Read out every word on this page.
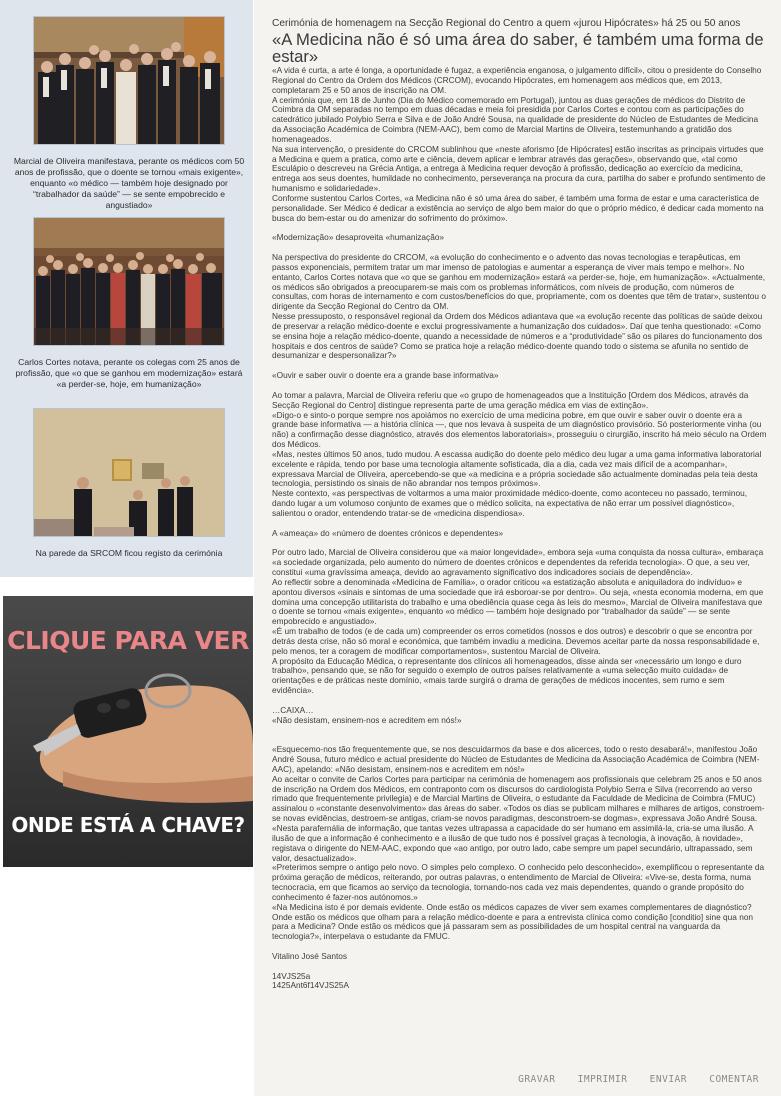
Marcial de Oliveira manifestava, perante os médicos com 50 anos de profissão, que o doente se tornou «mais exigente», enquanto «o médico — também hoje designado por “trabalhador da saúde” — se sente empobrecido e angustiado»
Carlos Cortes notava, perante os colegas com 25 anos de profissão, que «o que se ganhou em modernização» estará «a perder-se, hoje, em humanização»
Na parede da SRCOM ficou registo da cerimónia
CLIQUE PARA VER
ONDE ESTÁ A CHAVE?
Cerimónia de homenagem na Secção Regional do Centro a quem «jurou Hipócrates» há 25 ou 50 anos
«A Medicina não é só uma área do saber, é também uma forma de estar»

«A vida é curta, a arte é longa, a oportunidade é fugaz, a experiência enganosa, o julgamento difícil», citou o presidente do Conselho Regional do Centro da Ordem dos Médicos (CRCOM), evocando Hipócrates, em homenagem aos médicos que, em 2013, completaram 25 e 50 anos de inscrição na OM.

A cerimónia que, em 18 de Junho (Dia do Médico comemorado em Portugal), juntou as duas gerações de médicos do Distrito de Coimbra da OM separadas no tempo em duas décadas e meia foi presidida por Carlos Cortes e contou com as participações do catedrático jubilado Polybio Serra e Silva e de João André Sousa, na qualidade de presidente do Núcleo de Estudantes de Medicina da Associação Académica de Coimbra (NEM-AAC), bem como de Marcial Martins de Oliveira, testemunhando a gratidão dos homenageados.

Na sua intervenção, o presidente do CRCOM sublinhou que «neste aforismo [de Hipócrates] estão inscritas as principais virtudes que a Medicina e quem a pratica, como arte e ciência, devem aplicar e lembrar através das gerações», observando que, «tal como Esculápio o descreveu na Grécia Antiga, a entrega à Medicina requer devoção à profissão, dedicação ao exercício da medicina, entrega aos seus doentes, humildade no conhecimento, perseverança na procura da cura, partilha do saber e profundo sentimento de humanismo e solidariedade».

Conforme sustentou Carlos Cortes, «a Medicina não é só uma área do saber, é também uma forma de estar e uma característica de personalidade. Ser Médico é dedicar a existência ao serviço de algo bem maior do que o próprio médico, é dedicar cada momento na busca do bem-estar ou do amenizar do sofrimento do próximo».

«Modernização» desaproveita «humanização»

Na perspectiva do presidente do CRCOM, «a evolução do conhecimento e o advento das novas tecnologias e terapêuticas, em passos exponenciais, permitem tratar um mar imenso de patologias e aumentar a esperança de viver mais tempo e melhor». No entanto, Carlos Cortes notava que «o que se ganhou em modernização» estará «a perder-se, hoje, em humanização». «Actualmente, os médicos são obrigados a preocuparem-se mais com os problemas informáticos, com níveis de produção, com números de consultas, com horas de internamento e com custos/benefícios do que, propriamente, com os doentes que têm de tratar», sustentou o dirigente da Secção Regional do Centro da OM.

Nesse pressuposto, o responsável regional da Ordem dos Médicos adiantava que «a evolução recente das políticas de saúde deixou de preservar a relação médico-doente e exclui progressivamente a humanização dos cuidados». Daí que tenha questionado: «Como se ensina hoje a relação médico-doente, quando a necessidade de números e a “produtividade” são os pilares do funcionamento dos hospitais e dos centros de saúde? Como se pratica hoje a relação médico-doente quando todo o sistema se afunila no sentido de desumanizar e despersonalizar?»

«Ouvir e saber ouvir o doente era a grande base informativa»

Ao tomar a palavra, Marcial de Oliveira referiu que «o grupo de homenageados que a Instituição [Ordem dos Médicos, através da Secção Regional do Centro] distingue representa parte de uma geração médica em vias de extinção».

«Digo-o e sinto-o porque sempre nos apoiámos no exercício de uma medicina pobre, em que ouvir e saber ouvir o doente era a grande base informativa — a história clínica —, que nos levava à suspeita de um diagnóstico provisório. Só posteriormente vinha (ou não) a confirmação desse diagnóstico, através dos elementos laboratoriais», prosseguiu o cirurgião, inscrito há meio século na Ordem dos Médicos.

«Mas, nestes últimos 50 anos, tudo mudou. A escassa audição do doente pelo médico deu lugar a uma gama informativa laboratorial excelente e rápida, tendo por base uma tecnologia altamente sofisticada, dia a dia, cada vez mais difícil de a acompanhar», expressava Marcial de Oliveira, apercebendo-se que «a medicina e a própria sociedade são actualmente dominadas pela teia desta tecnologia, persistindo os sinais de não abrandar nos tempos próximos».

Neste contexto, «as perspectivas de voltarmos a uma maior proximidade médico-doente, como aconteceu no passado, terminou, dando lugar a um volumoso conjunto de exames que o médico solicita, na expectativa de não errar um possível diagnóstico», salientou o orador, entendendo tratar-se de «medicina dispendiosa».

A «ameaça» do «número de doentes crónicos e dependentes»

Por outro lado, Marcial de Oliveira considerou que «a maior longevidade», embora seja «uma conquista da nossa cultura», embaraça «a sociedade organizada, pelo aumento do número de doentes crónicos e dependentes da referida tecnologia». O que, a seu ver, constitui «uma gravíssima ameaça, devido ao agravamento significativo dos indicadores sociais de dependência».

Ao reflectir sobre a denominada «Medicina de Família», o orador criticou «a estatização absoluta e aniquiladora do indivíduo» e apontou diversos «sinais e sintomas de uma sociedade que irá esboroar-se por dentro». Ou seja, «nesta economia moderna, em que domina uma concepção utilitarista do trabalho e uma obediência quase cega às leis do mesmo», Marcial de Oliveira manifestava que o doente se tornou «mais exigente», enquanto «o médico — também hoje designado por “trabalhador da saúde” — se sente empobrecido e angustiado».

«É um trabalho de todos (e de cada um) compreender os erros cometidos (nossos e dos outros) e descobrir o que se encontra por detrás desta crise, não só moral e económica, que também invadiu a medicina. Devemos aceitar parte da nossa responsabilidade e, pelo menos, ter a coragem de modificar comportamentos», sustentou Marcial de Oliveira.

A propósito da Educação Médica, o representante dos clínicos ali homenageados, disse ainda ser «necessário um longo e duro trabalho», pensando que, se não for seguido o exemplo de outros países relativamente a «uma selecção muito cuidada» de orientações e de práticas neste domínio, «mais tarde surgirá o drama de gerações de médicos inocentes, sem rumo e sem evidência».

…CAIXA…

«Não desistam, ensinem-nos e acreditem em nós!»

«Esquecemo-nos tão frequentemente que, se nos descuidarmos da base e dos alicerces, todo o resto desabará!», manifestou João André Sousa, futuro médico e actual presidente do Núcleo de Estudantes de Medicina da Associação Académica de Coimbra (NEM-AAC), apelando: «Não desistam, ensinem-nos e acreditem em nós!»

Ao aceitar o convite de Carlos Cortes para participar na cerimónia de homenagem aos profissionais que celebram 25 anos e 50 anos de inscrição na Ordem dos Médicos, em contraponto com os discursos do cardiologista Polybio Serra e Silva (recorrendo ao verso rimado que frequentemente privilegia) e de Marcial Martins de Oliveira, o estudante da Faculdade de Medicina de Coimbra (FMUC) assinalou o «constante desenvolvimento» das áreas do saber. «Todos os dias se publicam milhares e milhares de artigos, constroem-se novas evidências, destroem-se antigas, criam-se novos paradigmas, desconstroem-se dogmas», expressava João André Sousa.

«Nesta parafernália de informação, que tantas vezes ultrapassa a capacidade do ser humano em assimilá-la, cria-se uma ilusão. A ilusão de que a informação é conhecimento e a ilusão de que tudo nos é possível graças à tecnologia, à inovação, à novidade», registava o dirigente do NEM-AAC, expondo que «ao antigo, por outro lado, cabe sempre um papel secundário, ultrapassado, sem valor, desactualizado».

«Preterimos sempre o antigo pelo novo. O simples pelo complexo. O conhecido pelo desconhecido», exemplificou o representante da próxima geração de médicos, reiterando, por outras palavras, o entendimento de Marcial de Oliveira: «Vive-se, desta forma, numa tecnocracia, em que ficamos ao serviço da tecnologia, tornando-nos cada vez mais dependentes, quando o grande propósito do conhecimento é fazer-nos autónomos.»

«Na Medicina isto é por demais evidente. Onde estão os médicos capazes de viver sem exames complementares de diagnóstico? Onde estão os médicos que olham para a relação médico-doente e para a entrevista clínica como condição [conditio] sine qua non para a Medicina? Onde estão os médicos que já passaram sem as possibilidades de um hospital central na vanguarda da tecnologia?», interpelava o estudante da FMUC.

Vitalino José Santos

14VJS25a

1425Ant6f14VJS25A

GRAVAR IMPRIMIR ENVIAR COMENTAR
